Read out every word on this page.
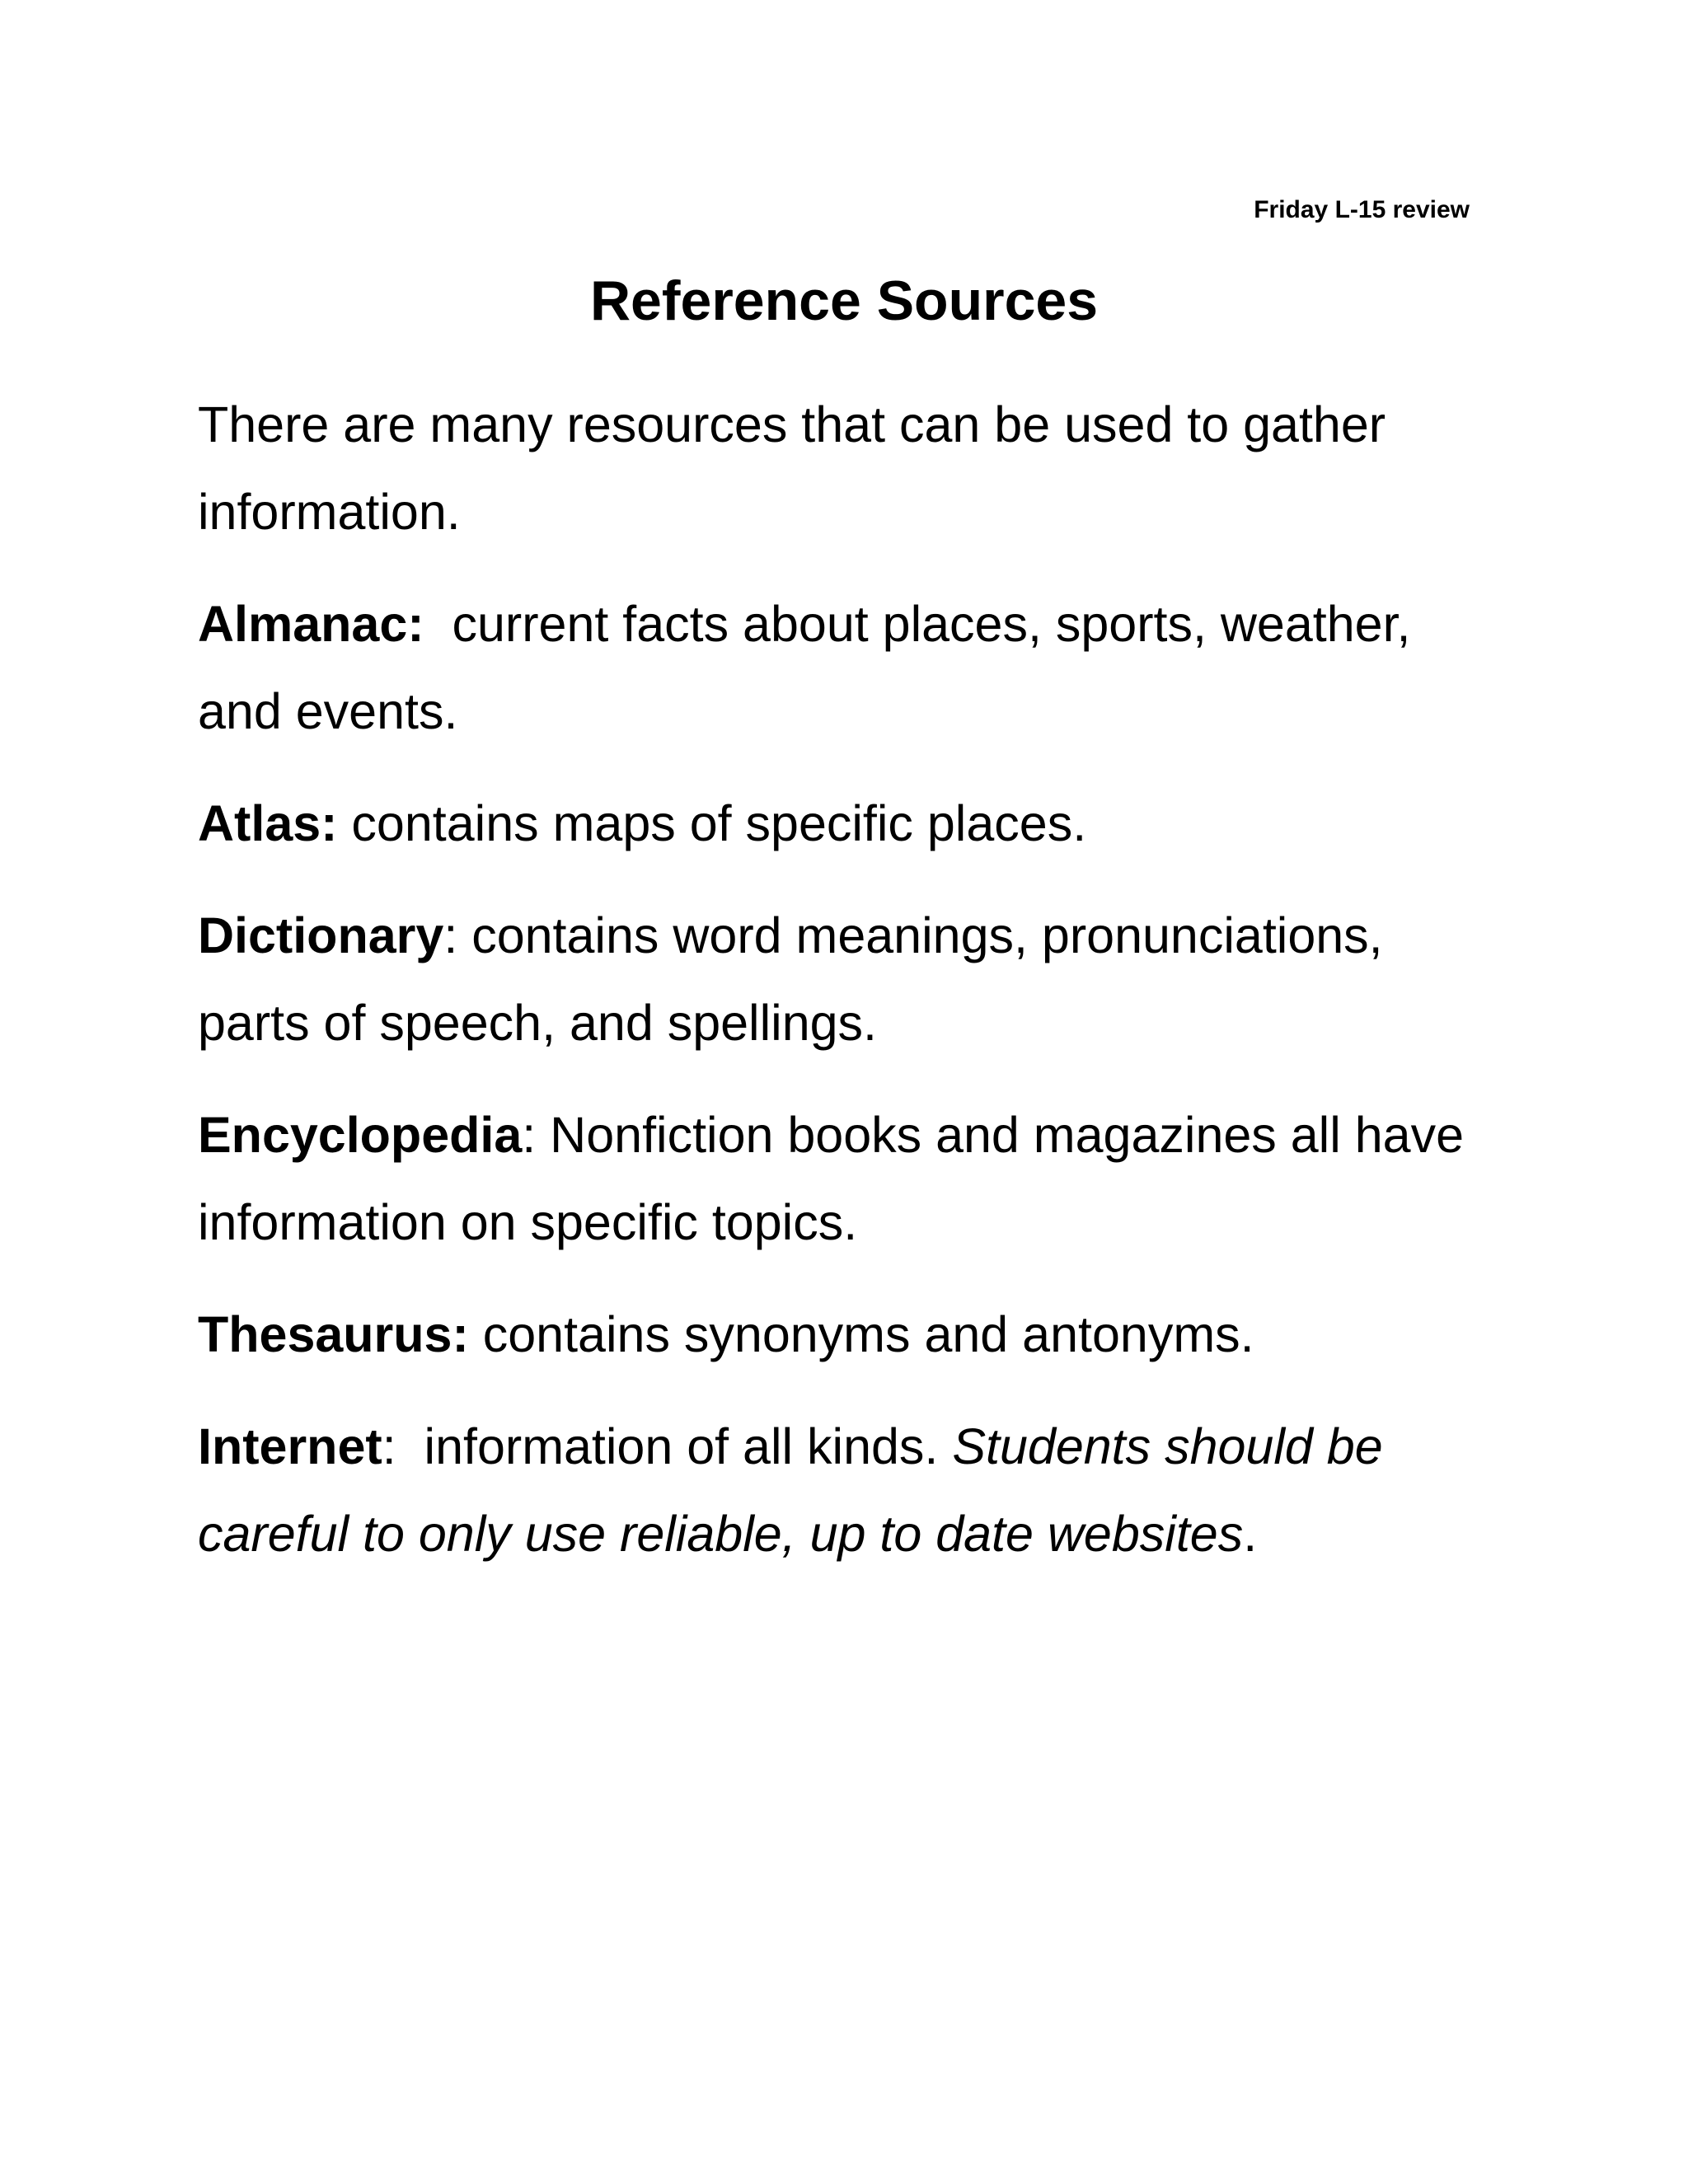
Friday L-15 review
Reference Sources

There are many resources that can be used to gather information.

Almanac:  current facts about places, sports, weather, and events.

Atlas: contains maps of specific places.

Dictionary: contains word meanings, pronunciations, parts of speech, and spellings.

Encyclopedia: Nonfiction books and magazines all have information on specific topics.

Thesaurus: contains synonyms and antonyms.

Internet:  information of all kinds. Students should be careful to only use reliable, up to date websites.
